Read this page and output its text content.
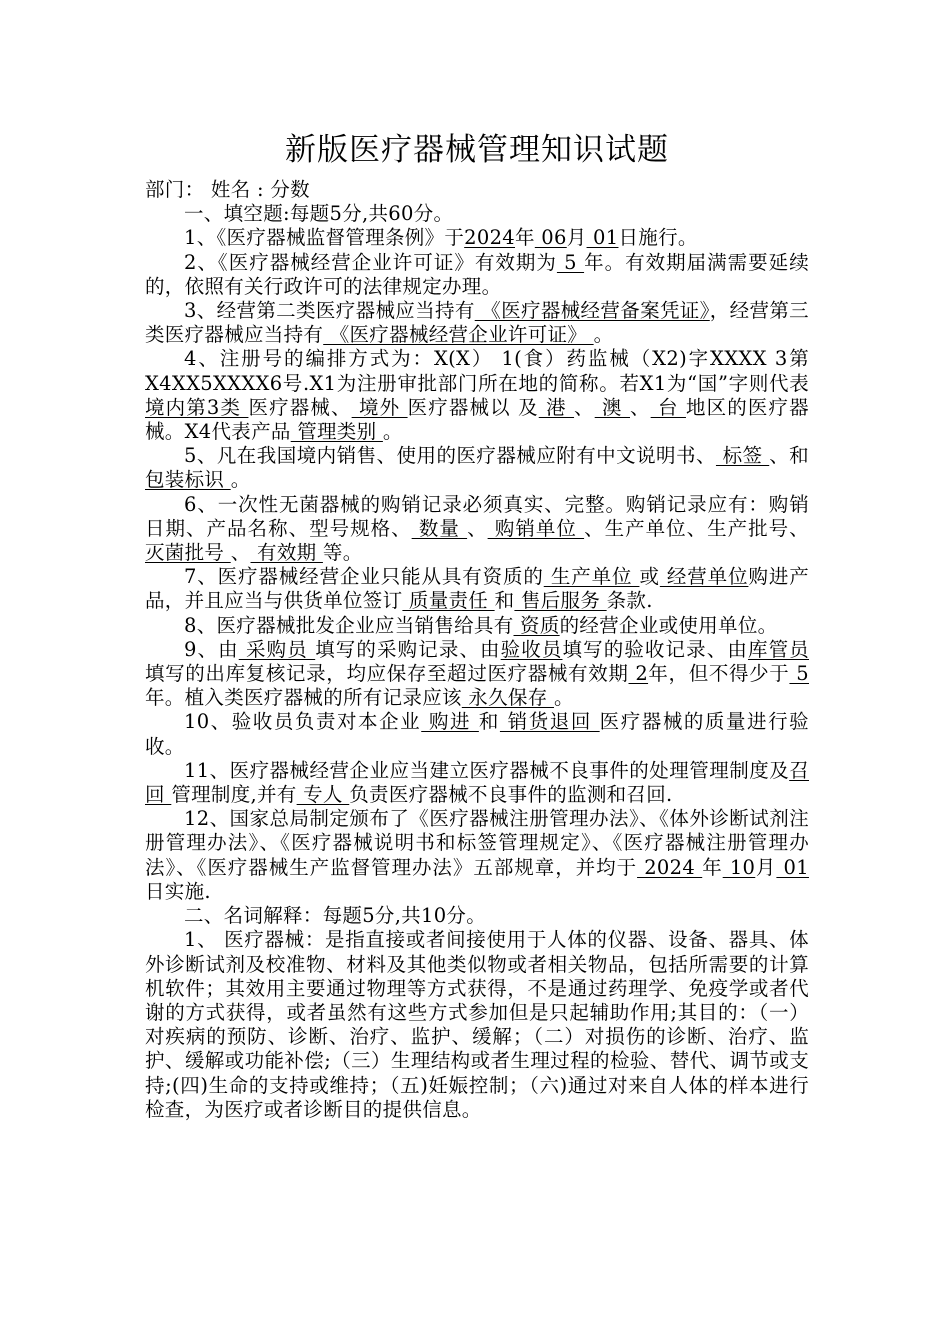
新版医疗器械管理知识试题

部门： 姓名 : 分数

一、填空题:每题5分,共60分。

1、《医疗器械监督管理条例》于2024年 06月 01日施行。

2、《医疗器械经营企业许可证》有效期为 5 年。有效期届满需要延续的，依照有关行政许可的法律规定办理。

3、经营第二类医疗器械应当持有 《医疗器械经营备案凭证》，经营第三类医疗器械应当持有 《医疗器械经营企业许可证》 。

4、注册号的编排方式为：X(X） 1(食）药监械（X2)字XXXX 3第X4XX5XXXX6号.X1为注册审批部门所在地的简称。若X1为“国”字则代表 境内第3类 医疗器械、 境外 医疗器械以 及 港 、 澳 、 台 地区的医疗器械。X4代表产品 管理类别 。

5、凡在我国境内销售、使用的医疗器械应附有中文说明书、 标签 、和 包装标识 。

6、一次性无菌器械的购销记录必须真实、完整。购销记录应有：购销日期、产品名称、型号规格、 数量 、 购销单位 、生产单位、生产批号、 灭菌批号 、 有效期 等。

7、医疗器械经营企业只能从具有资质的 生产单位 或 经营单位购进产品，并且应当与供货单位签订 质量责任 和 售后服务 条款.

8、医疗器械批发企业应当销售给具有 资质的经营企业或使用单位。

9、由 采购员 填写的采购记录、由验收员填写的验收记录、由库管员 填写的出库复核记录，均应保存至超过医疗器械有效期 2年，但不得少于 5 年。植入类医疗器械的所有记录应该 永久保存 。

10、验收员负责对本企业 购进 和 销货退回 医疗器械的质量进行验收。

11、医疗器械经营企业应当建立医疗器械不良事件的处理管理制度及召回 管理制度,并有 专人 负责医疗器械不良事件的监测和召回.

12、国家总局制定颁布了《医疗器械注册管理办法》、《体外诊断试剂注册管理办法》、《医疗器械说明书和标签管理规定》、《医疗器械注册管理办法》、《医疗器械生产监督管理办法》五部规章，并均于 2024 年 10月 01 日实施.

二、名词解释：每题5分,共10分。

1、 医疗器械：是指直接或者间接使用于人体的仪器、设备、器具、体外诊断试剂及校准物、材料及其他类似物或者相关物品，包括所需要的计算机软件；其效用主要通过物理等方式获得，不是通过药理学、免疫学或者代谢的方式获得，或者虽然有这些方式参加但是只起辅助作用;其目的：（一）对疾病的预防、诊断、治疗、监护、缓解；（二）对损伤的诊断、治疗、监护、缓解或功能补偿;（三）生理结构或者生理过程的检验、替代、调节或支持;(四)生命的支持或维持；（五)妊娠控制；（六)通过对来自人体的样本进行检查，为医疗或者诊断目的提供信息。
